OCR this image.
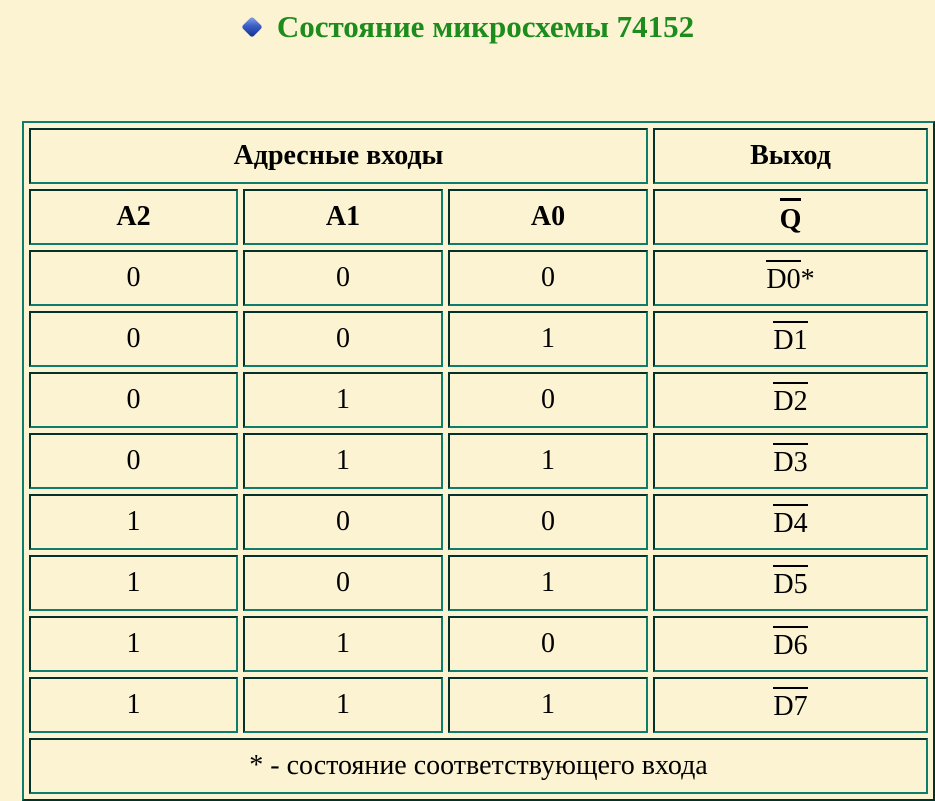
Состояние микросхемы 74152
Адресные входы			Выход
A2	A1	A0	Q
0	0	0	D0*
0	0	1	D1
0	1	0	D2
0	1	1	D3
1	0	0	D4
1	0	1	D5
1	1	0	D6
1	1	1	D7
* - состояние соответствующего входа			
